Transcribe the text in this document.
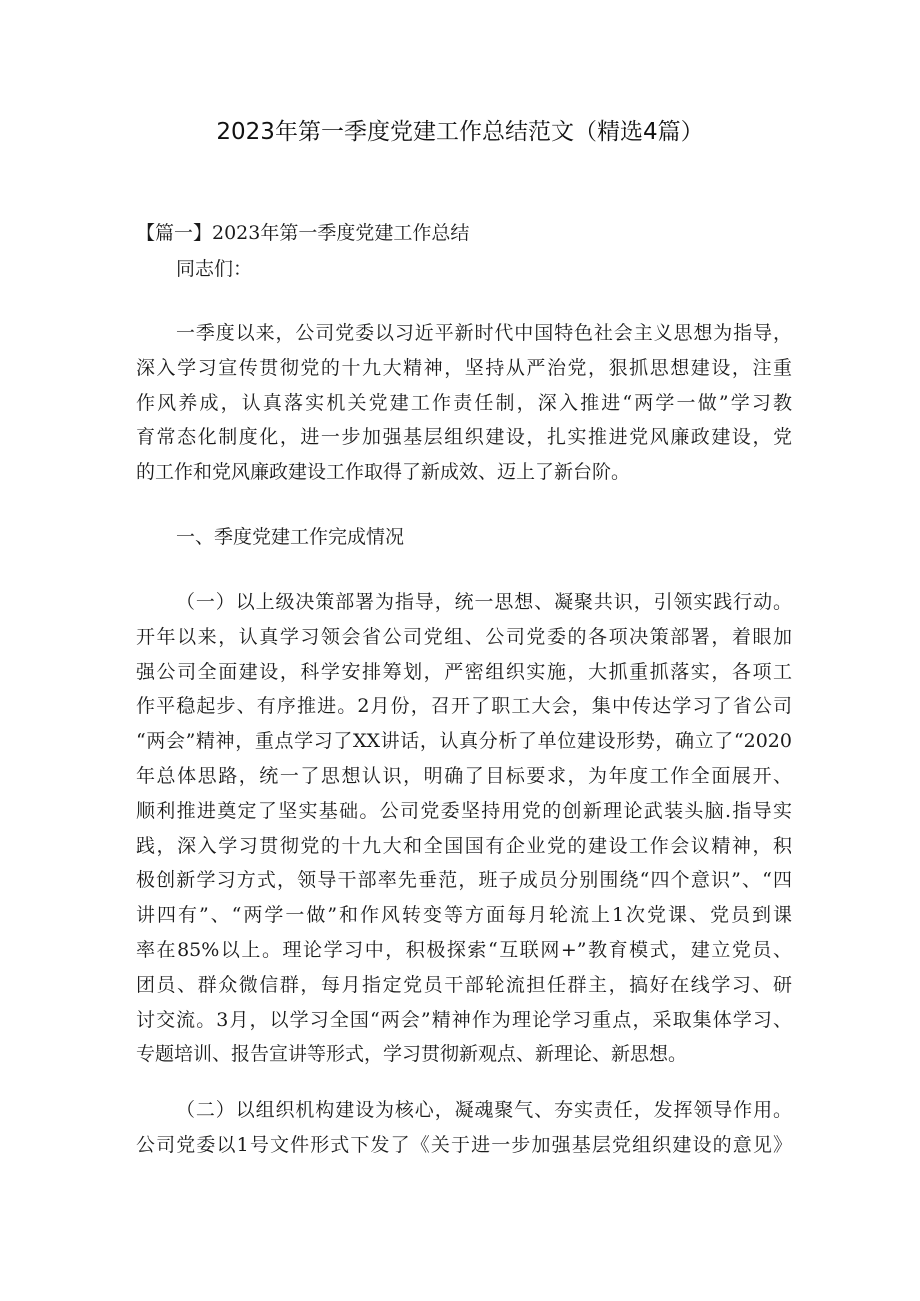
2023年第一季度党建工作总结范文（精选4篇）
【篇一】2023年第一季度党建工作总结
同志们：
一季度以来，公司党委以习近平新时代中国特色社会主义思想为指导，
深入学习宣传贯彻党的十九大精神，坚持从严治党，狠抓思想建设，注重
作风养成，认真落实机关党建工作责任制，深入推进“两学一做”学习教
育常态化制度化，进一步加强基层组织建设，扎实推进党风廉政建设，党
的工作和党风廉政建设工作取得了新成效、迈上了新台阶。
一、季度党建工作完成情况
（一）以上级决策部署为指导，统一思想、凝聚共识，引领实践行动。
开年以来，认真学习领会省公司党组、公司党委的各项决策部署，着眼加
强公司全面建设，科学安排筹划，严密组织实施，大抓重抓落实，各项工
作平稳起步、有序推进。2月份，召开了职工大会，集中传达学习了省公司
“两会”精神，重点学习了XX讲话，认真分析了单位建设形势，确立了“2020
年总体思路，统一了思想认识，明确了目标要求，为年度工作全面展开、
顺利推进奠定了坚实基础。公司党委坚持用党的创新理论武装头脑.指导实
践，深入学习贯彻党的十九大和全国国有企业党的建设工作会议精神，积
极创新学习方式，领导干部率先垂范，班子成员分别围绕“四个意识”、“四
讲四有”、“两学一做”和作风转变等方面每月轮流上1次党课、党员到课
率在85%以上。理论学习中，积极探索“互联网+”教育模式，建立党员、
团员、群众微信群，每月指定党员干部轮流担任群主，搞好在线学习、研
讨交流。3月，以学习全国“两会”精神作为理论学习重点，采取集体学习、
专题培训、报告宣讲等形式，学习贯彻新观点、新理论、新思想。
（二）以组织机构建设为核心，凝魂聚气、夯实责任，发挥领导作用。
公司党委以1号文件形式下发了《关于进一步加强基层党组织建设的意见》
